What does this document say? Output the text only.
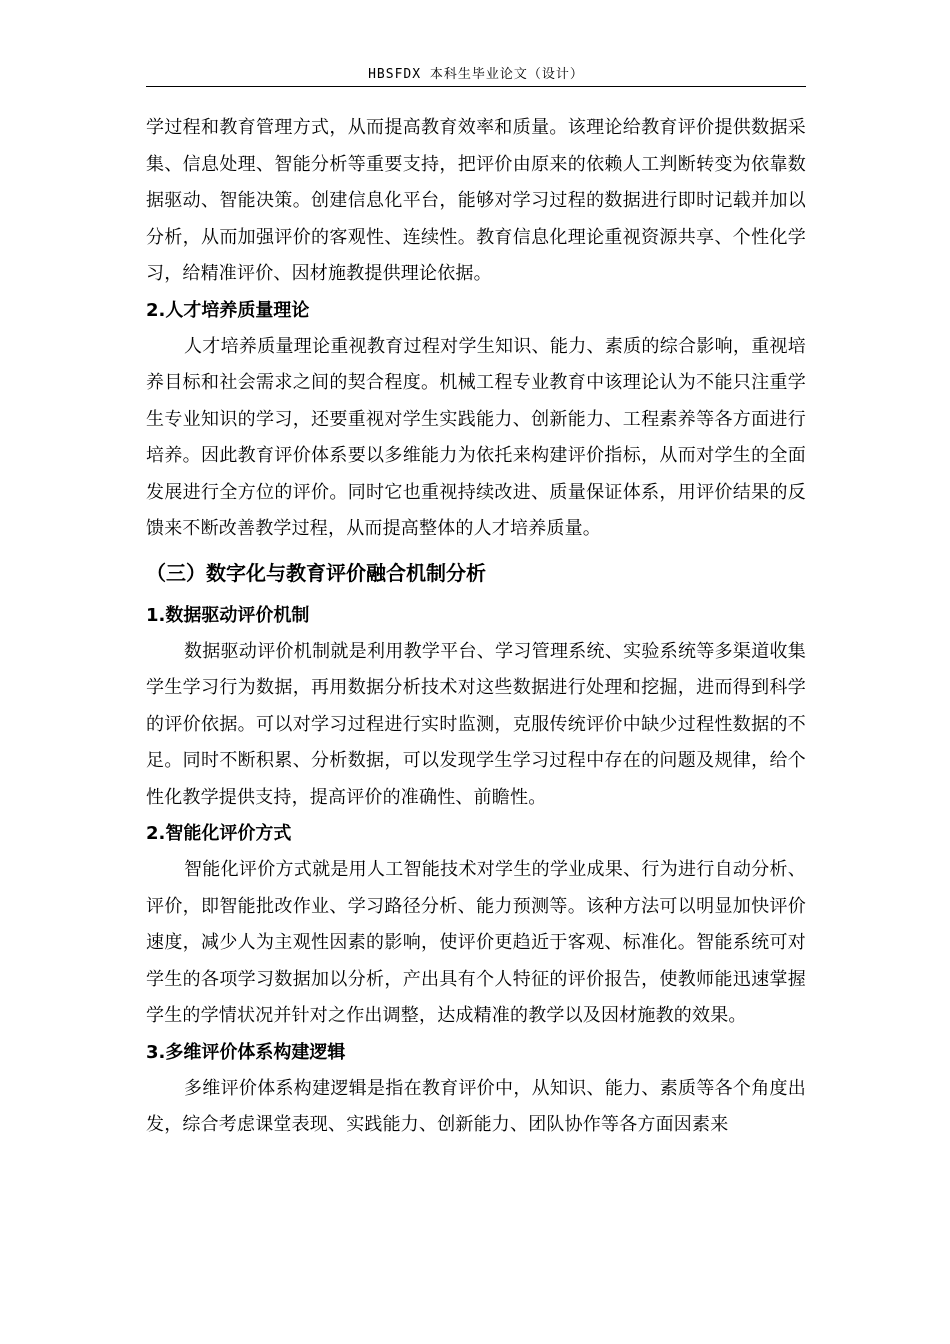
HBSFDX 本科生毕业论文（设计）

学过程和教育管理方式，从而提高教育效率和质量。该理论给教育评价提供数据采集、信息处理、智能分析等重要支持，把评价由原来的依赖人工判断转变为依靠数据驱动、智能决策。创建信息化平台，能够对学习过程的数据进行即时记载并加以分析，从而加强评价的客观性、连续性。教育信息化理论重视资源共享、个性化学习，给精准评价、因材施教提供理论依据。

2.人才培养质量理论

人才培养质量理论重视教育过程对学生知识、能力、素质的综合影响，重视培养目标和社会需求之间的契合程度。机械工程专业教育中该理论认为不能只注重学生专业知识的学习，还要重视对学生实践能力、创新能力、工程素养等各方面进行培养。因此教育评价体系要以多维能力为依托来构建评价指标，从而对学生的全面发展进行全方位的评价。同时它也重视持续改进、质量保证体系，用评价结果的反馈来不断改善教学过程，从而提高整体的人才培养质量。

（三）数字化与教育评价融合机制分析
1.数据驱动评价机制

数据驱动评价机制就是利用教学平台、学习管理系统、实验系统等多渠道收集学生学习行为数据，再用数据分析技术对这些数据进行处理和挖掘，进而得到科学的评价依据。可以对学习过程进行实时监测，克服传统评价中缺少过程性数据的不足。同时不断积累、分析数据，可以发现学生学习过程中存在的问题及规律，给个性化教学提供支持，提高评价的准确性、前瞻性。

2.智能化评价方式

智能化评价方式就是用人工智能技术对学生的学业成果、行为进行自动分析、评价，即智能批改作业、学习路径分析、能力预测等。该种方法可以明显加快评价速度，减少人为主观性因素的影响，使评价更趋近于客观、标准化。智能系统可对学生的各项学习数据加以分析，产出具有个人特征的评价报告，使教师能迅速掌握学生的学情状况并针对之作出调整，达成精准的教学以及因材施教的效果。

3.多维评价体系构建逻辑

多维评价体系构建逻辑是指在教育评价中，从知识、能力、素质等各个角度出发，综合考虑课堂表现、实践能力、创新能力、团队协作等各方面因素来
